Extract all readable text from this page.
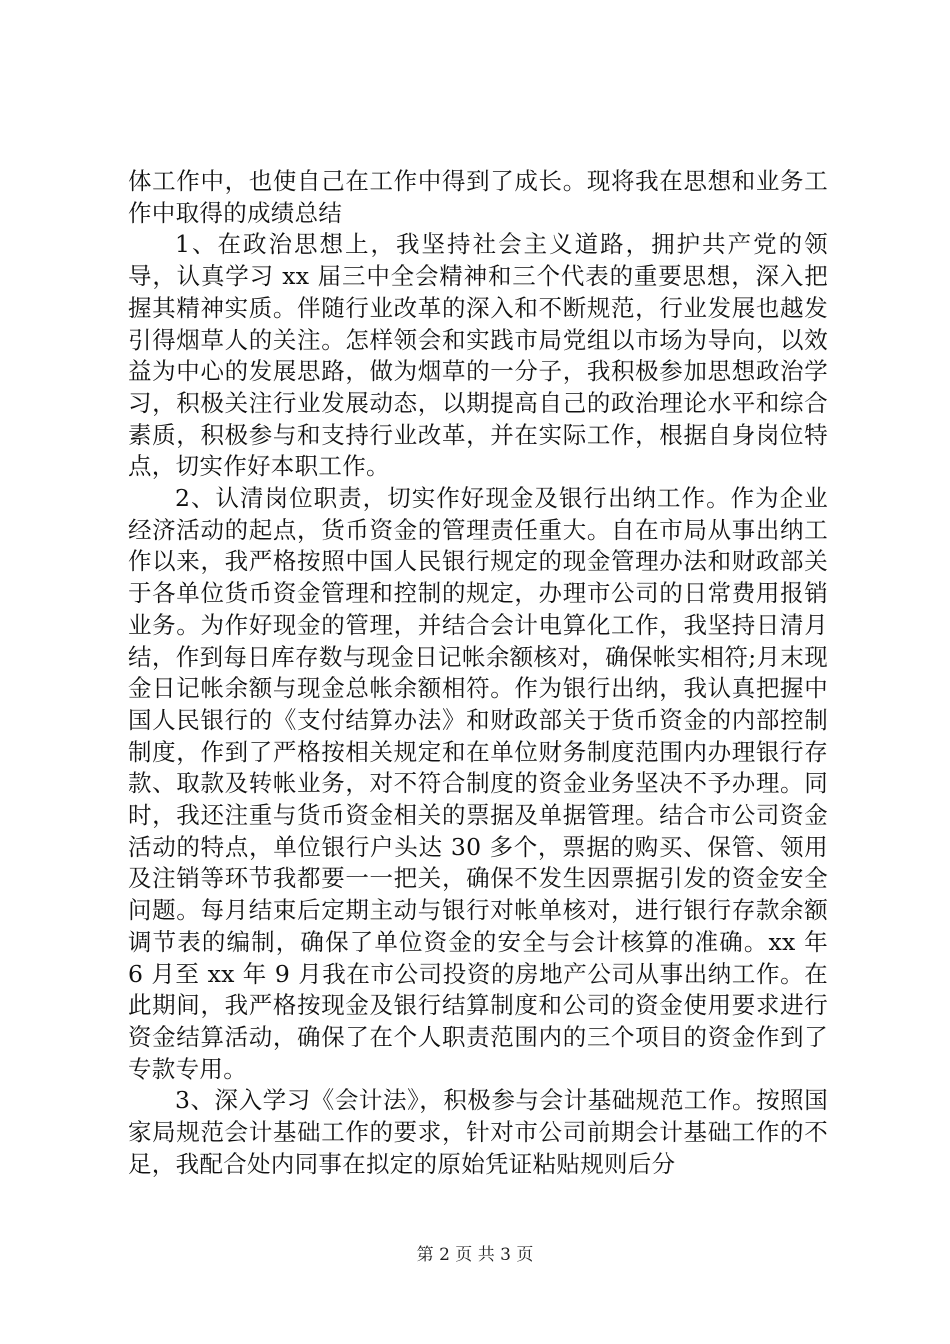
体工作中，也使自己在工作中得到了成长。现将我在思想和业务工作中取得的成绩总结

1、在政治思想上，我坚持社会主义道路，拥护共产党的领导，认真学习 xx 届三中全会精神和三个代表的重要思想，深入把握其精神实质。伴随行业改革的深入和不断规范，行业发展也越发引得烟草人的关注。怎样领会和实践市局党组以市场为导向，以效益为中心的发展思路，做为烟草的一分子，我积极参加思想政治学习，积极关注行业发展动态，以期提高自己的政治理论水平和综合素质，积极参与和支持行业改革，并在实际工作，根据自身岗位特点，切实作好本职工作。

2、认清岗位职责，切实作好现金及银行出纳工作。作为企业经济活动的起点，货币资金的管理责任重大。自在市局从事出纳工作以来，我严格按照中国人民银行规定的现金管理办法和财政部关于各单位货币资金管理和控制的规定，办理市公司的日常费用报销业务。为作好现金的管理，并结合会计电算化工作，我坚持日清月结，作到每日库存数与现金日记帐余额核对，确保帐实相符;月末现金日记帐余额与现金总帐余额相符。作为银行出纳，我认真把握中国人民银行的《支付结算办法》和财政部关于货币资金的内部控制制度，作到了严格按相关规定和在单位财务制度范围内办理银行存款、取款及转帐业务，对不符合制度的资金业务坚决不予办理。同时，我还注重与货币资金相关的票据及单据管理。结合市公司资金活动的特点，单位银行户头达 30 多个，票据的购买、保管、领用及注销等环节我都要一一把关，确保不发生因票据引发的资金安全问题。每月结束后定期主动与银行对帐单核对，进行银行存款余额调节表的编制，确保了单位资金的安全与会计核算的准确。xx 年 6 月至 xx 年 9 月我在市公司投资的房地产公司从事出纳工作。在此期间，我严格按现金及银行结算制度和公司的资金使用要求进行资金结算活动，确保了在个人职责范围内的三个项目的资金作到了专款专用。

3、深入学习《会计法》，积极参与会计基础规范工作。按照国家局规范会计基础工作的要求，针对市公司前期会计基础工作的不足，我配合处内同事在拟定的原始凭证粘贴规则后分

第 2 页 共 3 页
